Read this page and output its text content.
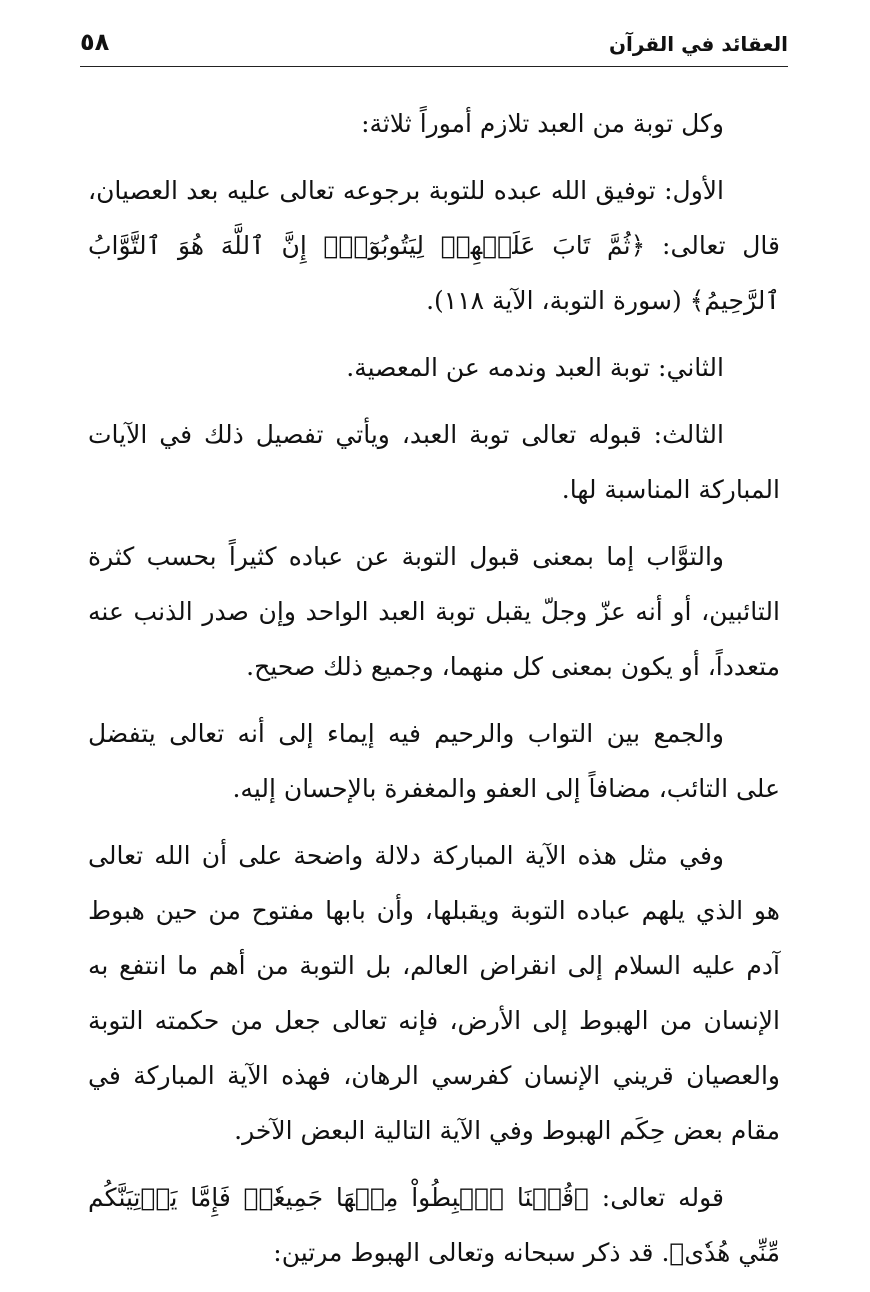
العقائد في القرآن
٥٨

وكل توبة من العبد تلازم أموراً ثلاثة:

الأول: توفيق الله عبده للتوبة برجوعه تعالى عليه بعد العصيان، قال تعالى: ﴿ثُمَّ تَابَ عَلَيۡهِمۡ لِيَتُوبُوٓاْۚ إِنَّ ٱللَّهَ هُوَ ٱلتَّوَّابُ ٱلرَّحِيمُ﴾ (سورة التوبة، الآية ١١٨).

الثاني: توبة العبد وندمه عن المعصية.

الثالث: قبوله تعالى توبة العبد، ويأتي تفصيل ذلك في الآيات المباركة المناسبة لها.

والتوَّاب إما بمعنى قبول التوبة عن عباده كثيراً بحسب كثرة التائبين، أو أنه عزّ وجلّ يقبل توبة العبد الواحد وإن صدر الذنب عنه متعدداً، أو يكون بمعنى كل منهما، وجميع ذلك صحيح.

والجمع بين التواب والرحيم فيه إيماء إلى أنه تعالى يتفضل على التائب، مضافاً إلى العفو والمغفرة بالإحسان إليه.

وفي مثل هذه الآية المباركة دلالة واضحة على أن الله تعالى هو الذي يلهم عباده التوبة ويقبلها، وأن بابها مفتوح من حين هبوط آدم عليه السلام إلى انقراض العالم، بل التوبة من أهم ما انتفع به الإنسان من الهبوط إلى الأرض، فإنه تعالى جعل من حكمته التوبة والعصيان قريني الإنسان كفرسي الرهان، فهذه الآية المباركة في مقام بعض حِكَم الهبوط وفي الآية التالية البعض الآخر.

قوله تعالى: ﴿قُلۡنَا ٱهۡبِطُواْ مِنۡهَا جَمِيعٗاۖ فَإِمَّا يَأۡتِيَنَّكُم مِّنِّي هُدٗى﴾. قد ذكر سبحانه وتعالى الهبوط مرتين:
